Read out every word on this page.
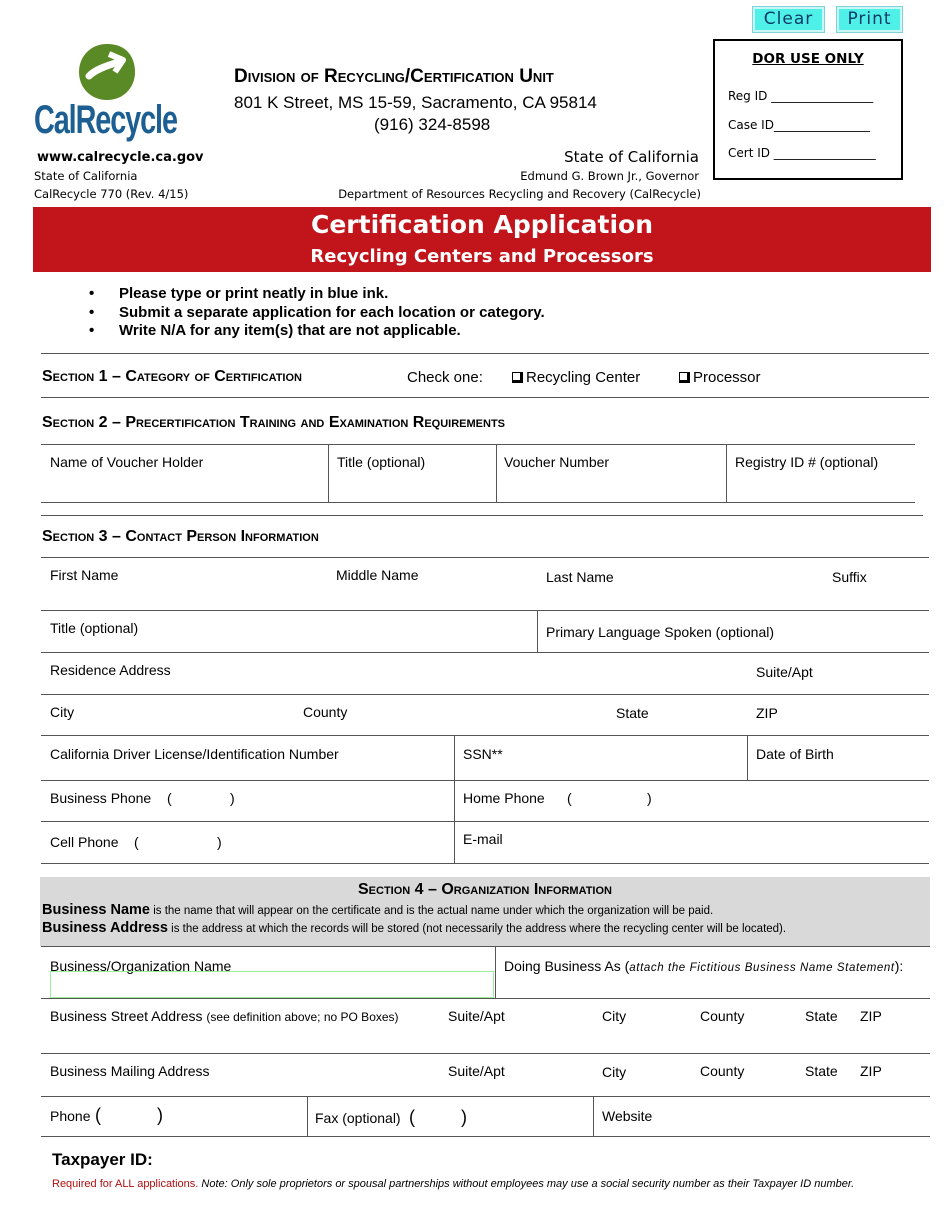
Clear	Print
CalRecycle
Division of Recycling/Certification Unit
801 K Street, MS 15-59, Sacramento, CA 95814
(916) 324-8598
www.calrecycle.ca.gov
State of California
CalRecycle 770 (Rev. 4/15)
State of California
Edmund G. Brown Jr., Governor
Department of Resources Recycling and Recovery (CalRecycle)
DOR USE ONLY
Reg ID _________________
Case ID________________
Cert ID _________________
Certification Application
Recycling Centers and Processors
• Please type or print neatly in blue ink.
• Submit a separate application for each location or category.
• Write N/A for any item(s) that are not applicable.
Section 1 – Category of Certification	Check one:	Recycling Center	Processor
Section 2 – Precertification Training and Examination Requirements
Name of Voucher Holder	Title (optional)	Voucher Number	Registry ID # (optional)
Section 3 – Contact Person Information
First Name	Middle Name	Last Name	Suffix
Title (optional)	Primary Language Spoken (optional)
Residence Address	Suite/Apt
City	County	State	ZIP
California Driver License/Identification Number	SSN**	Date of Birth
Business Phone (	)	Home Phone (	)
Cell Phone (	)	E-mail
Section 4 – Organization Information
Business Name is the name that will appear on the certificate and is the actual name under which the organization will be paid.
Business Address is the address at which the records will be stored (not necessarily the address where the recycling center will be located).
Business/Organization Name	Doing Business As (attach the Fictitious Business Name Statement):
Business Street Address (see definition above; no PO Boxes)	Suite/Apt	City	County	State ZIP
Business Mailing Address	Suite/Apt	City	County	State ZIP
Phone (	)	Fax (optional) (	)	Website
Taxpayer ID:
Required for ALL applications. Note: Only sole proprietors or spousal partnerships without employees may use a social security number as their Taxpayer ID number.
